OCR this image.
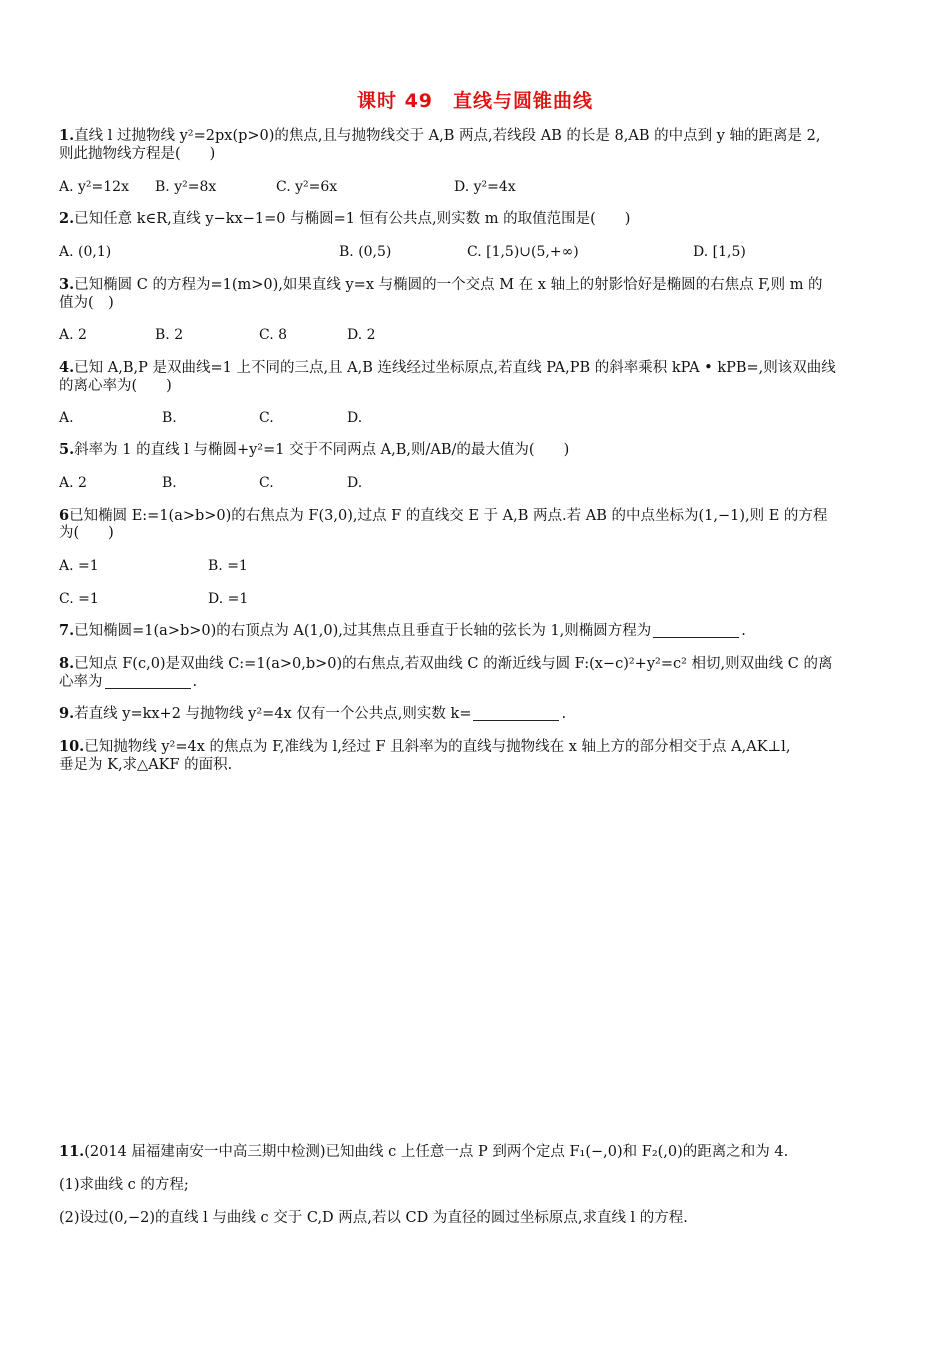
课时 49　直线与圆锥曲线
1.直线 l 过抛物线 y²=2px(p>0)的焦点,且与抛物线交于 A,B 两点,若线段 AB 的长是 8,AB 的中点到 y 轴的距离是 2,
则此抛物线方程是(　　)
A. y²=12x B. y²=8x	C. y²=6x	D. y²=4x
2.已知任意 k∈R,直线 y−kx−1=0 与椭圆=1 恒有公共点,则实数 m 的取值范围是(　　)
A. (0,1)	B. (0,5)	C. [1,5)∪(5,+∞)	D. [1,5)
3.已知椭圆 C 的方程为=1(m>0),如果直线 y=x 与椭圆的一个交点 M 在 x 轴上的射影恰好是椭圆的右焦点 F,则 m 的
值为(　)
A. 2	B. 2	C. 8	D. 2
4.已知 A,B,P 是双曲线=1 上不同的三点,且 A,B 连线经过坐标原点,若直线 PA,PB 的斜率乘积 kPA • kPB=,则该双曲线
的离心率为(　　)
A.	B.	C.	D.
5.斜率为 1 的直线 l 与椭圆+y²=1 交于不同两点 A,B,则/AB/的最大值为(　　)
A. 2	B.	C.	D.
6已知椭圆 E:=1(a>b>0)的右焦点为 F(3,0),过点 F 的直线交 E 于 A,B 两点.若 AB 的中点坐标为(1,−1),则 E 的方程
为(　　)
A. =1	B. =1
C. =1	D. =1
7.已知椭圆=1(a>b>0)的右顶点为 A(1,0),过其焦点且垂直于长轴的弦长为 1,则椭圆方程为	.
8.已知点 F(c,0)是双曲线 C:=1(a>0,b>0)的右焦点,若双曲线 C 的渐近线与圆 F:(x−c)²+y²=c² 相切,则双曲线 C 的离
心率为	.
9.若直线 y=kx+2 与抛物线 y²=4x 仅有一个公共点,则实数 k=	.
10.已知抛物线 y²=4x 的焦点为 F,准线为 l,经过 F 且斜率为的直线与抛物线在 x 轴上方的部分相交于点 A,AK⊥l,
垂足为 K,求△AKF 的面积.
11.(2014 届福建南安一中高三期中检测)已知曲线 c 上任意一点 P 到两个定点 F₁(−,0)和 F₂(,0)的距离之和为 4.
(1)求曲线 c 的方程;
(2)设过(0,−2)的直线 l 与曲线 c 交于 C,D 两点,若以 CD 为直径的圆过坐标原点,求直线 l 的方程.
